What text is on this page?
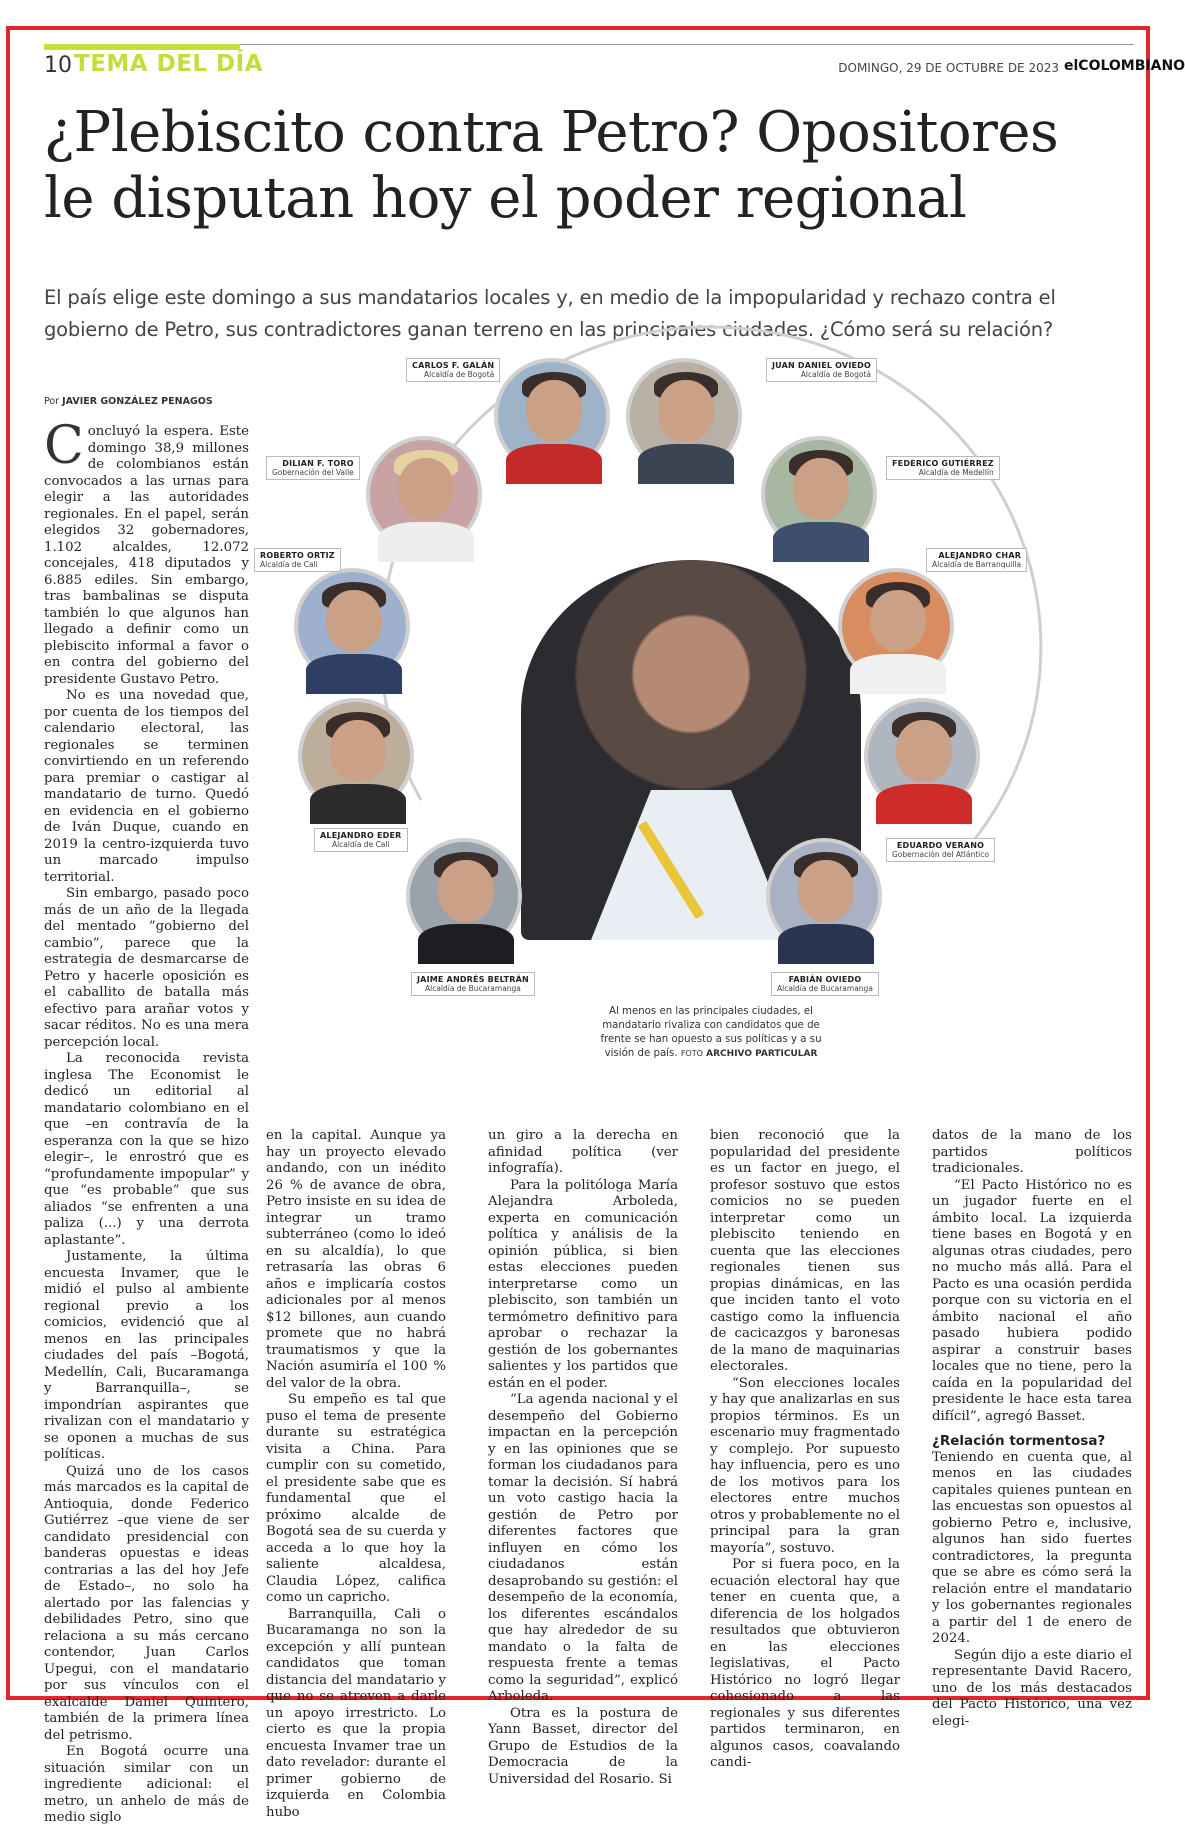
10 TEMA DEL DÍA	DOMINGO, 29 DE OCTUBRE DE 2023 elCOLOMBIANO
¿Plebiscito contra Petro? Opositores
le disputan hoy el poder regional

El país elige este domingo a sus mandatarios locales y, en medio de la impopularidad y rechazo contra el gobierno de Petro, sus contradictores ganan terreno en las principales ciudades. ¿Cómo será su relación?

Por JAVIER GONZÁLEZ PENAGOS

Concluyó la espera. Este domingo 38,9 millones de colombianos están convocados a las urnas para elegir a las autoridades regionales. En el papel, serán elegidos 32 gobernadores, 1.102 alcaldes, 12.072 concejales, 418 diputados y 6.885 ediles. Sin embargo, tras bambalinas se disputa también lo que algunos han llegado a definir como un plebiscito informal a favor o en contra del gobierno del presidente Gustavo Petro.

No es una novedad que, por cuenta de los tiempos del calendario electoral, las regionales se terminen convirtiendo en un referendo para premiar o castigar al mandatario de turno. Quedó en evidencia en el gobierno de Iván Duque, cuando en 2019 la centro-izquierda tuvo un marcado impulso territorial.

Sin embargo, pasado poco más de un año de la llegada del mentado “gobierno del cambio”, parece que la estrategia de desmarcarse de Petro y hacerle oposición es el caballito de batalla más efectivo para arañar votos y sacar réditos. No es una mera percepción local.

La reconocida revista inglesa The Economist le dedicó un editorial al mandatario colombiano en el que –en contravía de la esperanza con la que se hizo elegir–, le enrostró que es “profundamente impopular” y que “es probable” que sus aliados “se enfrenten a una paliza (...) y una derrota aplastante”.

Justamente, la última encuesta Invamer, que le midió el pulso al ambiente regional previo a los comicios, evidenció que al menos en las principales ciudades del país –Bogotá, Medellín, Cali, Bucaramanga y Barranquilla–, se impondrían aspirantes que rivalizan con el mandatario y se oponen a muchas de sus políticas.

Quizá uno de los casos más marcados es la capital de Antioquia, donde Federico Gutiérrez –que viene de ser candidato presidencial con banderas opuestas e ideas contrarias a las del hoy Jefe de Estado–, no solo ha alertado por las falencias y debilidades Petro, sino que relaciona a su más cercano contendor, Juan Carlos Upegui, con el mandatario por sus vínculos con el exalcalde Daniel Quintero, también de la primera línea del petrismo.

En Bogotá ocurre una situación similar con un ingrediente adicional: el metro, un anhelo de más de medio siglo

en la capital. Aunque ya hay un proyecto elevado andando, con un inédito 26 % de avance de obra, Petro insiste en su idea de integrar un tramo subterráneo (como lo ideó en su alcaldía), lo que retrasaría las obras 6 años e implicaría costos adicionales por al menos $12 billones, aun cuando promete que no habrá traumatismos y que la Nación asumiría el 100 % del valor de la obra.

Su empeño es tal que puso el tema de presente durante su estratégica visita a China. Para cumplir con su cometido, el presidente sabe que es fundamental que el próximo alcalde de Bogotá sea de su cuerda y acceda a lo que hoy la saliente alcaldesa, Claudia López, califica como un capricho.

Barranquilla, Cali o Bucaramanga no son la excepción y allí puntean candidatos que toman distancia del mandatario y que no se atreven a darle un apoyo irrestricto. Lo cierto es que la propia encuesta Invamer trae un dato revelador: durante el primer gobierno de izquierda en Colombia hubo

un giro a la derecha en afinidad política (ver infografía).

Para la politóloga María Alejandra Arboleda, experta en comunicación política y análisis de la opinión pública, si bien estas elecciones pueden interpretarse como un plebiscito, son también un termómetro definitivo para aprobar o rechazar la gestión de los gobernantes salientes y los partidos que están en el poder.

“La agenda nacional y el desempeño del Gobierno impactan en la percepción y en las opiniones que se forman los ciudadanos para tomar la decisión. Sí habrá un voto castigo hacia la gestión de Petro por diferentes factores que influyen en cómo los ciudadanos están desaprobando su gestión: el desempeño de la economía, los diferentes escándalos que hay alrededor de su mandato o la falta de respuesta frente a temas como la seguridad”, explicó Arboleda.

Otra es la postura de Yann Basset, director del Grupo de Estudios de la Democracia de la Universidad del Rosario. Si

bien reconoció que la popularidad del presidente es un factor en juego, el profesor sostuvo que estos comicios no se pueden interpretar como un plebiscito teniendo en cuenta que las elecciones regionales tienen sus propias dinámicas, en las que inciden tanto el voto castigo como la influencia de cacicazgos y baronesas de la mano de maquinarias electorales.

“Son elecciones locales y hay que analizarlas en sus propios términos. Es un escenario muy fragmentado y complejo. Por supuesto hay influencia, pero es uno de los motivos para los electores entre muchos otros y probablemente no el principal para la gran mayoría”, sostuvo.

Por si fuera poco, en la ecuación electoral hay que tener en cuenta que, a diferencia de los holgados resultados que obtuvieron en las elecciones legislativas, el Pacto Histórico no logró llegar cohesionado a las regionales y sus diferentes partidos terminaron, en algunos casos, coavalando candi-

datos de la mano de los partidos políticos tradicionales.

“El Pacto Histórico no es un jugador fuerte en el ámbito local. La izquierda tiene bases en Bogotá y en algunas otras ciudades, pero no mucho más allá. Para el Pacto es una ocasión perdida porque con su victoria en el ámbito nacional el año pasado hubiera podido aspirar a construir bases locales que no tiene, pero la caída en la popularidad del presidente le hace esta tarea difícil”, agregó Basset.

¿Relación tormentosa?

Teniendo en cuenta que, al menos en las ciudades capitales quienes puntean en las encuestas son opuestos al gobierno Petro e, inclusive, algunos han sido fuertes contradictores, la pregunta que se abre es cómo será la relación entre el mandatario y los gobernantes regionales a partir del 1 de enero de 2024.

Según dijo a este diario el representante David Racero, uno de los más destacados del Pacto Histórico, una vez elegi-

CARLOS F. GALÁN
Alcaldía de Bogotá
JUAN DANIEL OVIEDO
Alcaldía de Bogotá
DILIAN F. TORO
Gobernación del Valle
FEDERICO GUTIÉRREZ
Alcaldía de Medellín
ROBERTO ORTIZ
Alcaldía de Cali
ALEJANDRO CHAR
Alcaldía de Barranquilla
ALEJANDRO EDER
Alcaldía de Cali	EDUARDO VERANO
Gobernación del Atlántico
JAIME ANDRÉS BELTRÁN
Alcaldía de Bucaramanga
FABIÁN OVIEDO
Alcaldía de Bucaramanga
Al menos en las principales ciudades, el mandatario rivaliza con candidatos que de frente se han opuesto a sus políticas y a su visión de país. FOTO ARCHIVO PARTICULAR
